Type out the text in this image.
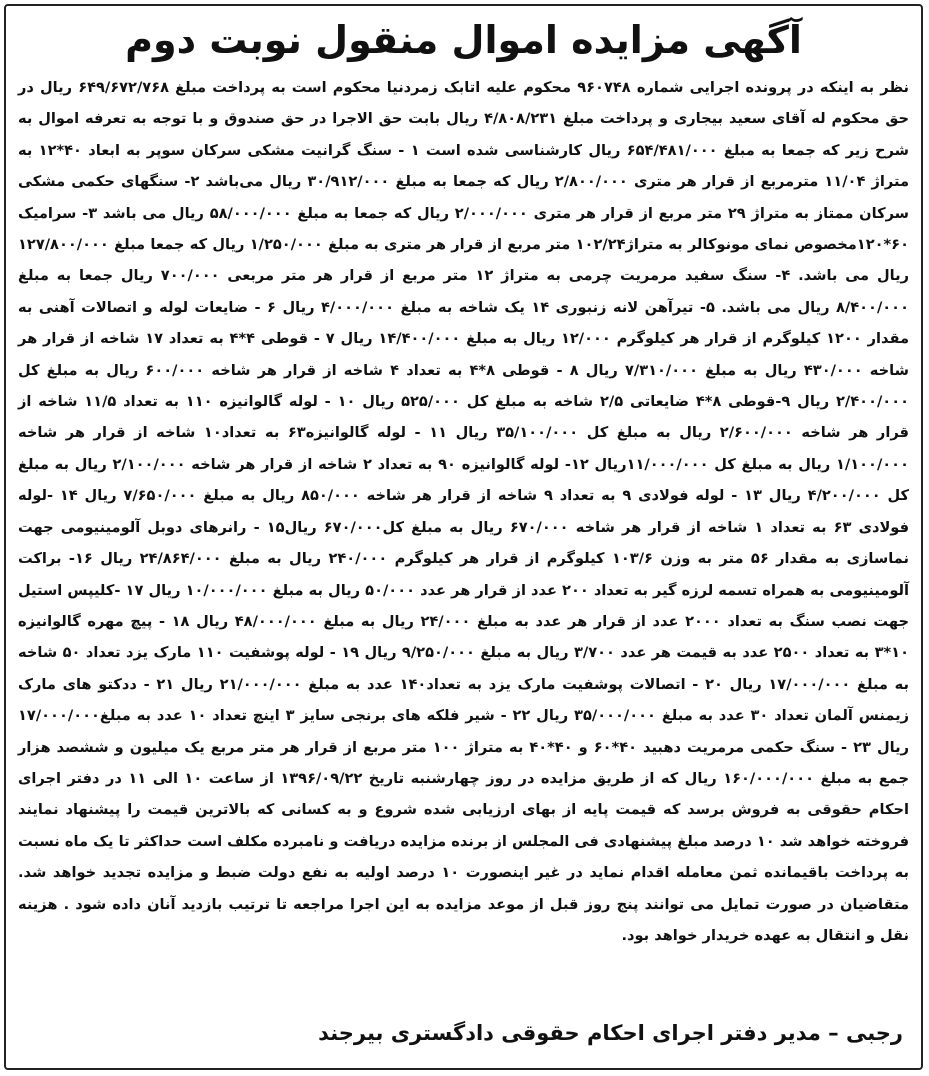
آگهی مزایده اموال منقول نوبت دوم

نظر به اینکه در پرونده اجرایی شماره ۹۶۰۷۴۸ محکوم علیه اتابک زمردنیا محکوم است به پرداخت مبلغ ۶۴۹/۶۷۲/۷۶۸ ریال در حق محکوم له آقای سعید بیجاری و پرداخت مبلغ ۴/۸۰۸/۲۳۱ ریال بابت حق الاجرا در حق صندوق و با توجه به تعرفه اموال به شرح زیر که جمعا به مبلغ ۶۵۴/۴۸۱/۰۰۰ ریال کارشناسی شده است ۱ - سنگ گرانیت مشکی سرکان سوپر به ابعاد ۴۰*۱۲ به متراژ ۱۱/۰۴ مترمربع از قرار هر متری ۲/۸۰۰/۰۰۰ ریال که جمعا به مبلغ ۳۰/۹۱۲/۰۰۰ ریال می‌باشد ۲- سنگهای حکمی مشکی سرکان ممتاز به متراژ ۲۹ متر مربع از قرار هر متری ۲/۰۰۰/۰۰۰ ریال که جمعا به مبلغ ۵۸/۰۰۰/۰۰۰ ریال می باشد ۳- سرامیک ۶۰*۱۲۰مخصوص نمای مونوکالر به متراژ۱۰۲/۲۴ متر مربع از قرار هر متری به مبلغ ۱/۲۵۰/۰۰۰ ریال که جمعا مبلغ ۱۲۷/۸۰۰/۰۰۰ ریال می باشد. ۴- سنگ سفید مرمریت چرمی به متراژ ۱۲ متر مربع از قرار هر متر مربعی ۷۰۰/۰۰۰ ریال جمعا به مبلغ ۸/۴۰۰/۰۰۰ ریال می باشد. ۵- تیرآهن لانه زنبوری ۱۴ یک شاخه به مبلغ ۴/۰۰۰/۰۰۰ ریال ۶ - ضایعات لوله و اتصالات آهنی به مقدار ۱۲۰۰ کیلوگرم از قرار هر کیلوگرم ۱۲/۰۰۰ ریال به مبلغ ۱۴/۴۰۰/۰۰۰ ریال ۷ - قوطی ۴*۴ به تعداد ۱۷ شاخه از قرار هر شاخه ۴۳۰/۰۰۰ ریال به مبلغ ۷/۳۱۰/۰۰۰ ریال ۸ - قوطی ۸*۴ به تعداد ۴ شاخه از قرار هر شاخه ۶۰۰/۰۰۰ ریال به مبلغ کل ۲/۴۰۰/۰۰۰ ریال ۹-قوطی ۸*۴ ضایعاتی ۲/۵ شاخه به مبلغ کل ۵۲۵/۰۰۰ ریال ۱۰ - لوله گالوانیزه ۱۱۰ به تعداد ۱۱/۵ شاخه از قرار هر شاخه ۲/۶۰۰/۰۰۰ ریال به مبلغ کل ۳۵/۱۰۰/۰۰۰ ریال ۱۱ - لوله گالوانیزه۶۳ به تعداد۱۰ شاخه از قرار هر شاخه ۱/۱۰۰/۰۰۰ ریال به مبلغ کل ۱۱/۰۰۰/۰۰۰ریال ۱۲- لوله گالوانیزه ۹۰ به تعداد ۲ شاخه از قرار هر شاخه ۲/۱۰۰/۰۰۰ ریال به مبلغ کل ۴/۲۰۰/۰۰۰ ریال ۱۳ - لوله فولادی ۹ به تعداد ۹ شاخه از قرار هر شاخه ۸۵۰/۰۰۰ ریال به مبلغ ۷/۶۵۰/۰۰۰ ریال ۱۴ -لوله فولادی ۶۳ به تعداد ۱ شاخه از قرار هر شاخه ۶۷۰/۰۰۰ ریال به مبلغ کل۶۷۰/۰۰۰ ریال۱۵ - رانرهای دوبل آلومینیومی جهت نماسازی به مقدار ۵۶ متر به وزن ۱۰۳/۶ کیلوگرم از قرار هر کیلوگرم ۲۴۰/۰۰۰ ریال به مبلغ ۲۴/۸۶۴/۰۰۰ ریال ۱۶- براکت آلومینیومی به همراه تسمه لرزه گیر به تعداد ۲۰۰ عدد از قرار هر عدد ۵۰/۰۰۰ ریال به مبلغ ۱۰/۰۰۰/۰۰۰ ریال ۱۷ -کلیپس استیل جهت نصب سنگ به تعداد ۲۰۰۰ عدد از قرار هر عدد به مبلغ ۲۴/۰۰۰ ریال به مبلغ ۴۸/۰۰۰/۰۰۰ ریال ۱۸ - پیچ مهره گالوانیزه ۱۰*۳ به تعداد ۲۵۰۰ عدد به قیمت هر عدد ۳/۷۰۰ ریال به مبلغ ۹/۲۵۰/۰۰۰ ریال ۱۹ - لوله پوشفیت ۱۱۰ مارک یزد تعداد ۵۰ شاخه به مبلغ ۱۷/۰۰۰/۰۰۰ ریال ۲۰ - اتصالات پوشفیت مارک یزد به تعداد۱۴۰ عدد به مبلغ ۲۱/۰۰۰/۰۰۰ ریال ۲۱ - ددکتو های مارک زیمنس آلمان تعداد ۳۰ عدد به مبلغ ۳۵/۰۰۰/۰۰۰ ریال ۲۲ - شیر فلکه های برنجی سایز ۳ اینچ تعداد ۱۰ عدد به مبلغ۱۷/۰۰۰/۰۰۰ ریال ۲۳ - سنگ حکمی مرمریت دهبید ۴۰*۶۰ و ۴۰*۴۰ به متراژ ۱۰۰ متر مربع از قرار هر متر مربع یک میلیون و ششصد هزار جمع به مبلغ ۱۶۰/۰۰۰/۰۰۰ ریال که از طریق مزایده در روز چهارشنبه تاریخ ۱۳۹۶/۰۹/۲۲ از ساعت ۱۰ الی ۱۱ در دفتر اجرای احکام حقوقی به فروش برسد که قیمت پایه از بهای ارزیابی شده شروع و به کسانی که بالاترین قیمت را پیشنهاد نمایند فروخته خواهد شد ۱۰ درصد مبلغ پیشنهادی فی المجلس از برنده مزایده دریافت و نامبرده مکلف است حداکثر تا یک ماه نسبت به پرداخت باقیمانده ثمن معامله اقدام نماید در غیر اینصورت ۱۰ درصد اولیه به نفع دولت ضبط و مزایده تجدید خواهد شد. متقاضیان در صورت تمایل می توانند پنج روز قبل از موعد مزایده به این اجرا مراجعه تا ترتیب بازدید آنان داده شود . هزینه نقل و انتقال به عهده خریدار خواهد بود.

رجبی – مدیر دفتر اجرای احکام حقوقی دادگستری بیرجند
